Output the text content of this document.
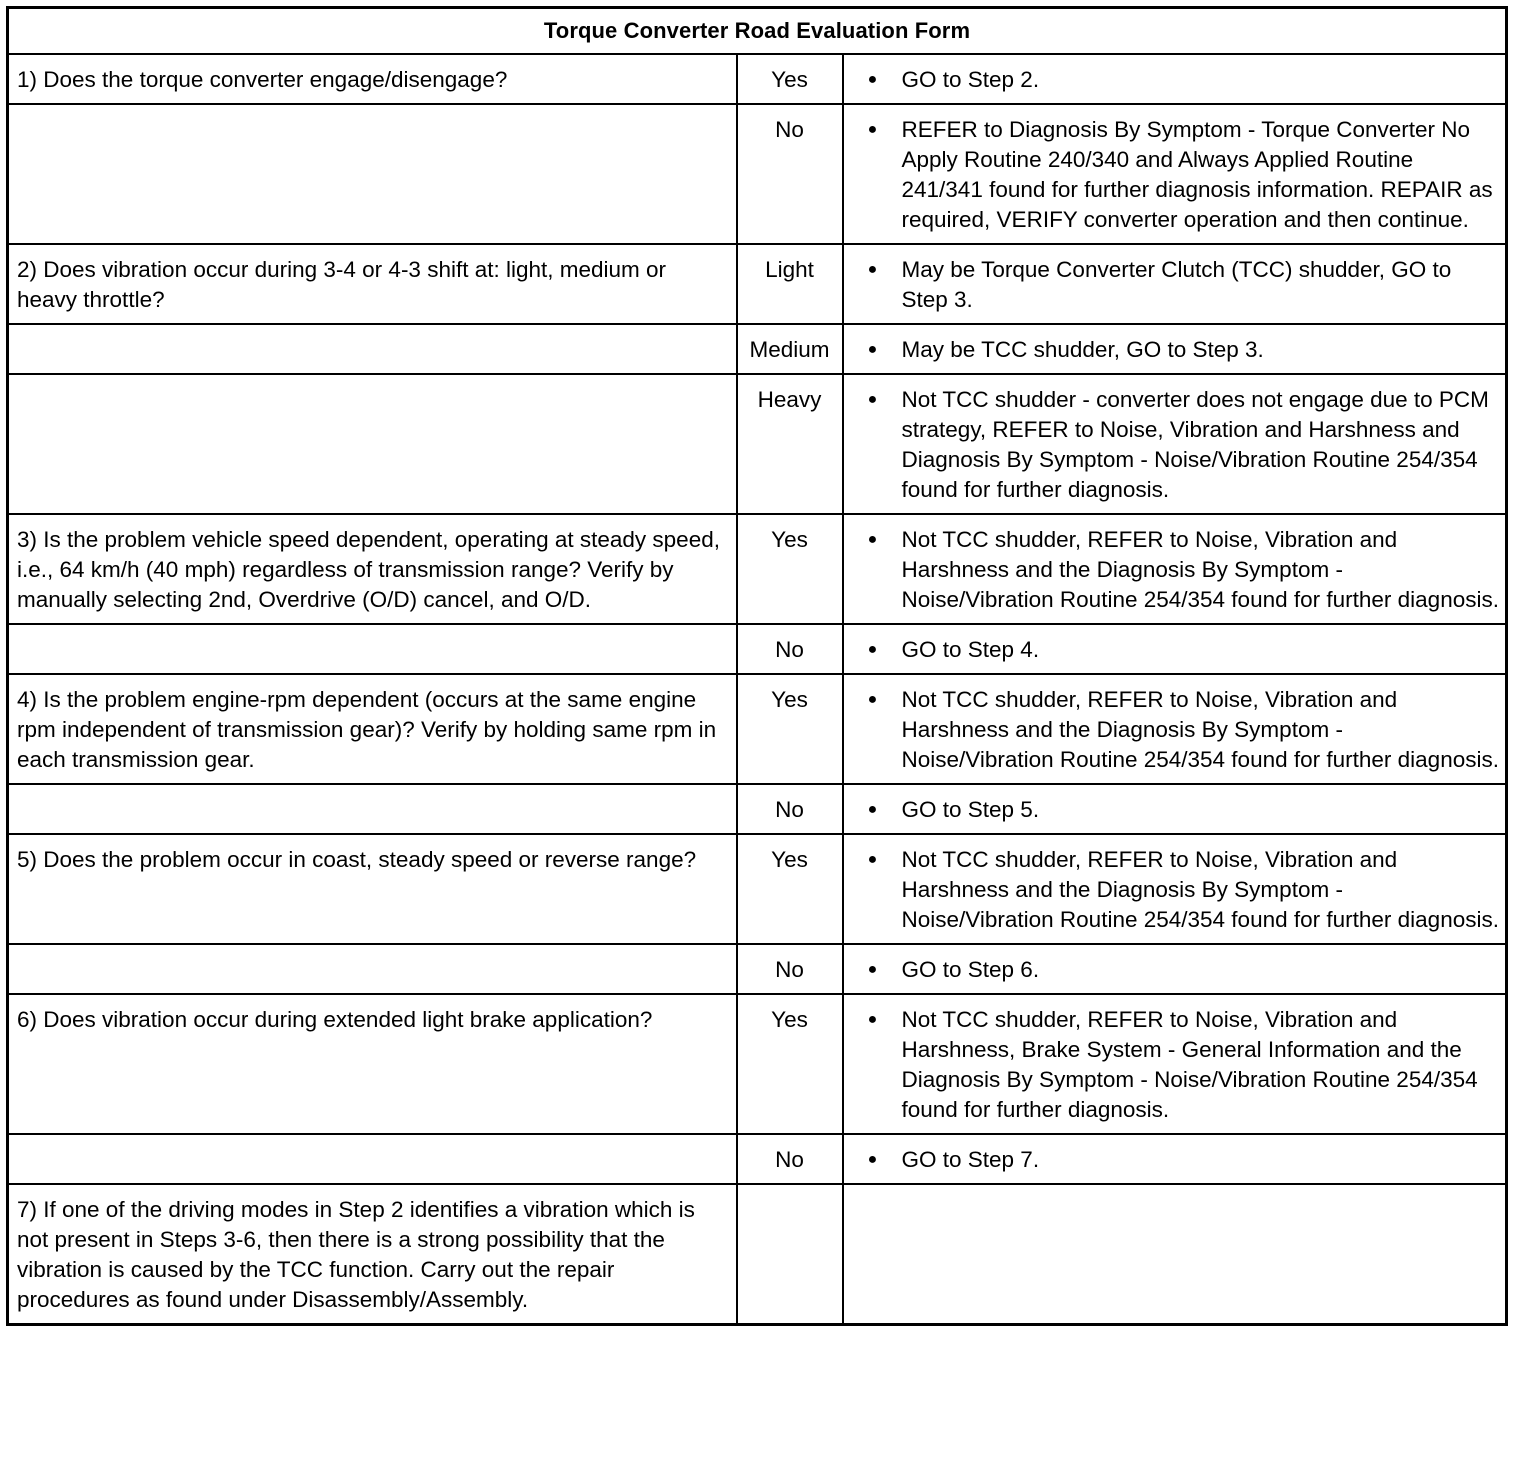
Torque Converter Road Evaluation Form		
1) Does the torque converter engage/disengage?	Yes	● GO to Step 2.

	No	● REFER to Diagnosis By Symptom - Torque Converter No Apply Routine 240/340 and Always Applied Routine 241/341 found for further diagnosis information. REPAIR as required, VERIFY converter operation and then continue.

2) Does vibration occur during 3-4 or 4-3 shift at: light, medium or heavy throttle?	Light	● May be Torque Converter Clutch (TCC) shudder, GO to Step 3.

	Medium	● May be TCC shudder, GO to Step 3.

	Heavy	● Not TCC shudder - converter does not engage due to PCM strategy, REFER to Noise, Vibration and Harshness and Diagnosis By Symptom - Noise/Vibration Routine 254/354 found for further diagnosis.

3) Is the problem vehicle speed dependent, operating at steady speed, i.e., 64 km/h (40 mph) regardless of transmission range? Verify by manually selecting 2nd, Overdrive (O/D) cancel, and O/D.	Yes	● Not TCC shudder, REFER to Noise, Vibration and Harshness and the Diagnosis By Symptom - Noise/Vibration Routine 254/354 found for further diagnosis.

	No	● GO to Step 4.

4) Is the problem engine-rpm dependent (occurs at the same engine rpm independent of transmission gear)? Verify by holding same rpm in each transmission gear.	Yes	● Not TCC shudder, REFER to Noise, Vibration and Harshness and the Diagnosis By Symptom - Noise/Vibration Routine 254/354 found for further diagnosis.

	No	● GO to Step 5.

5) Does the problem occur in coast, steady speed or reverse range?	Yes	● Not TCC shudder, REFER to Noise, Vibration and Harshness and the Diagnosis By Symptom - Noise/Vibration Routine 254/354 found for further diagnosis.

	No	● GO to Step 6.

6) Does vibration occur during extended light brake application?	Yes	● Not TCC shudder, REFER to Noise, Vibration and Harshness, Brake System - General Information and the Diagnosis By Symptom - Noise/Vibration Routine 254/354 found for further diagnosis.

	No	● GO to Step 7.

7) If one of the driving modes in Step 2 identifies a vibration which is not present in Steps 3-6, then there is a strong possibility that the vibration is caused by the TCC function. Carry out the repair procedures as found under Disassembly/Assembly.		
